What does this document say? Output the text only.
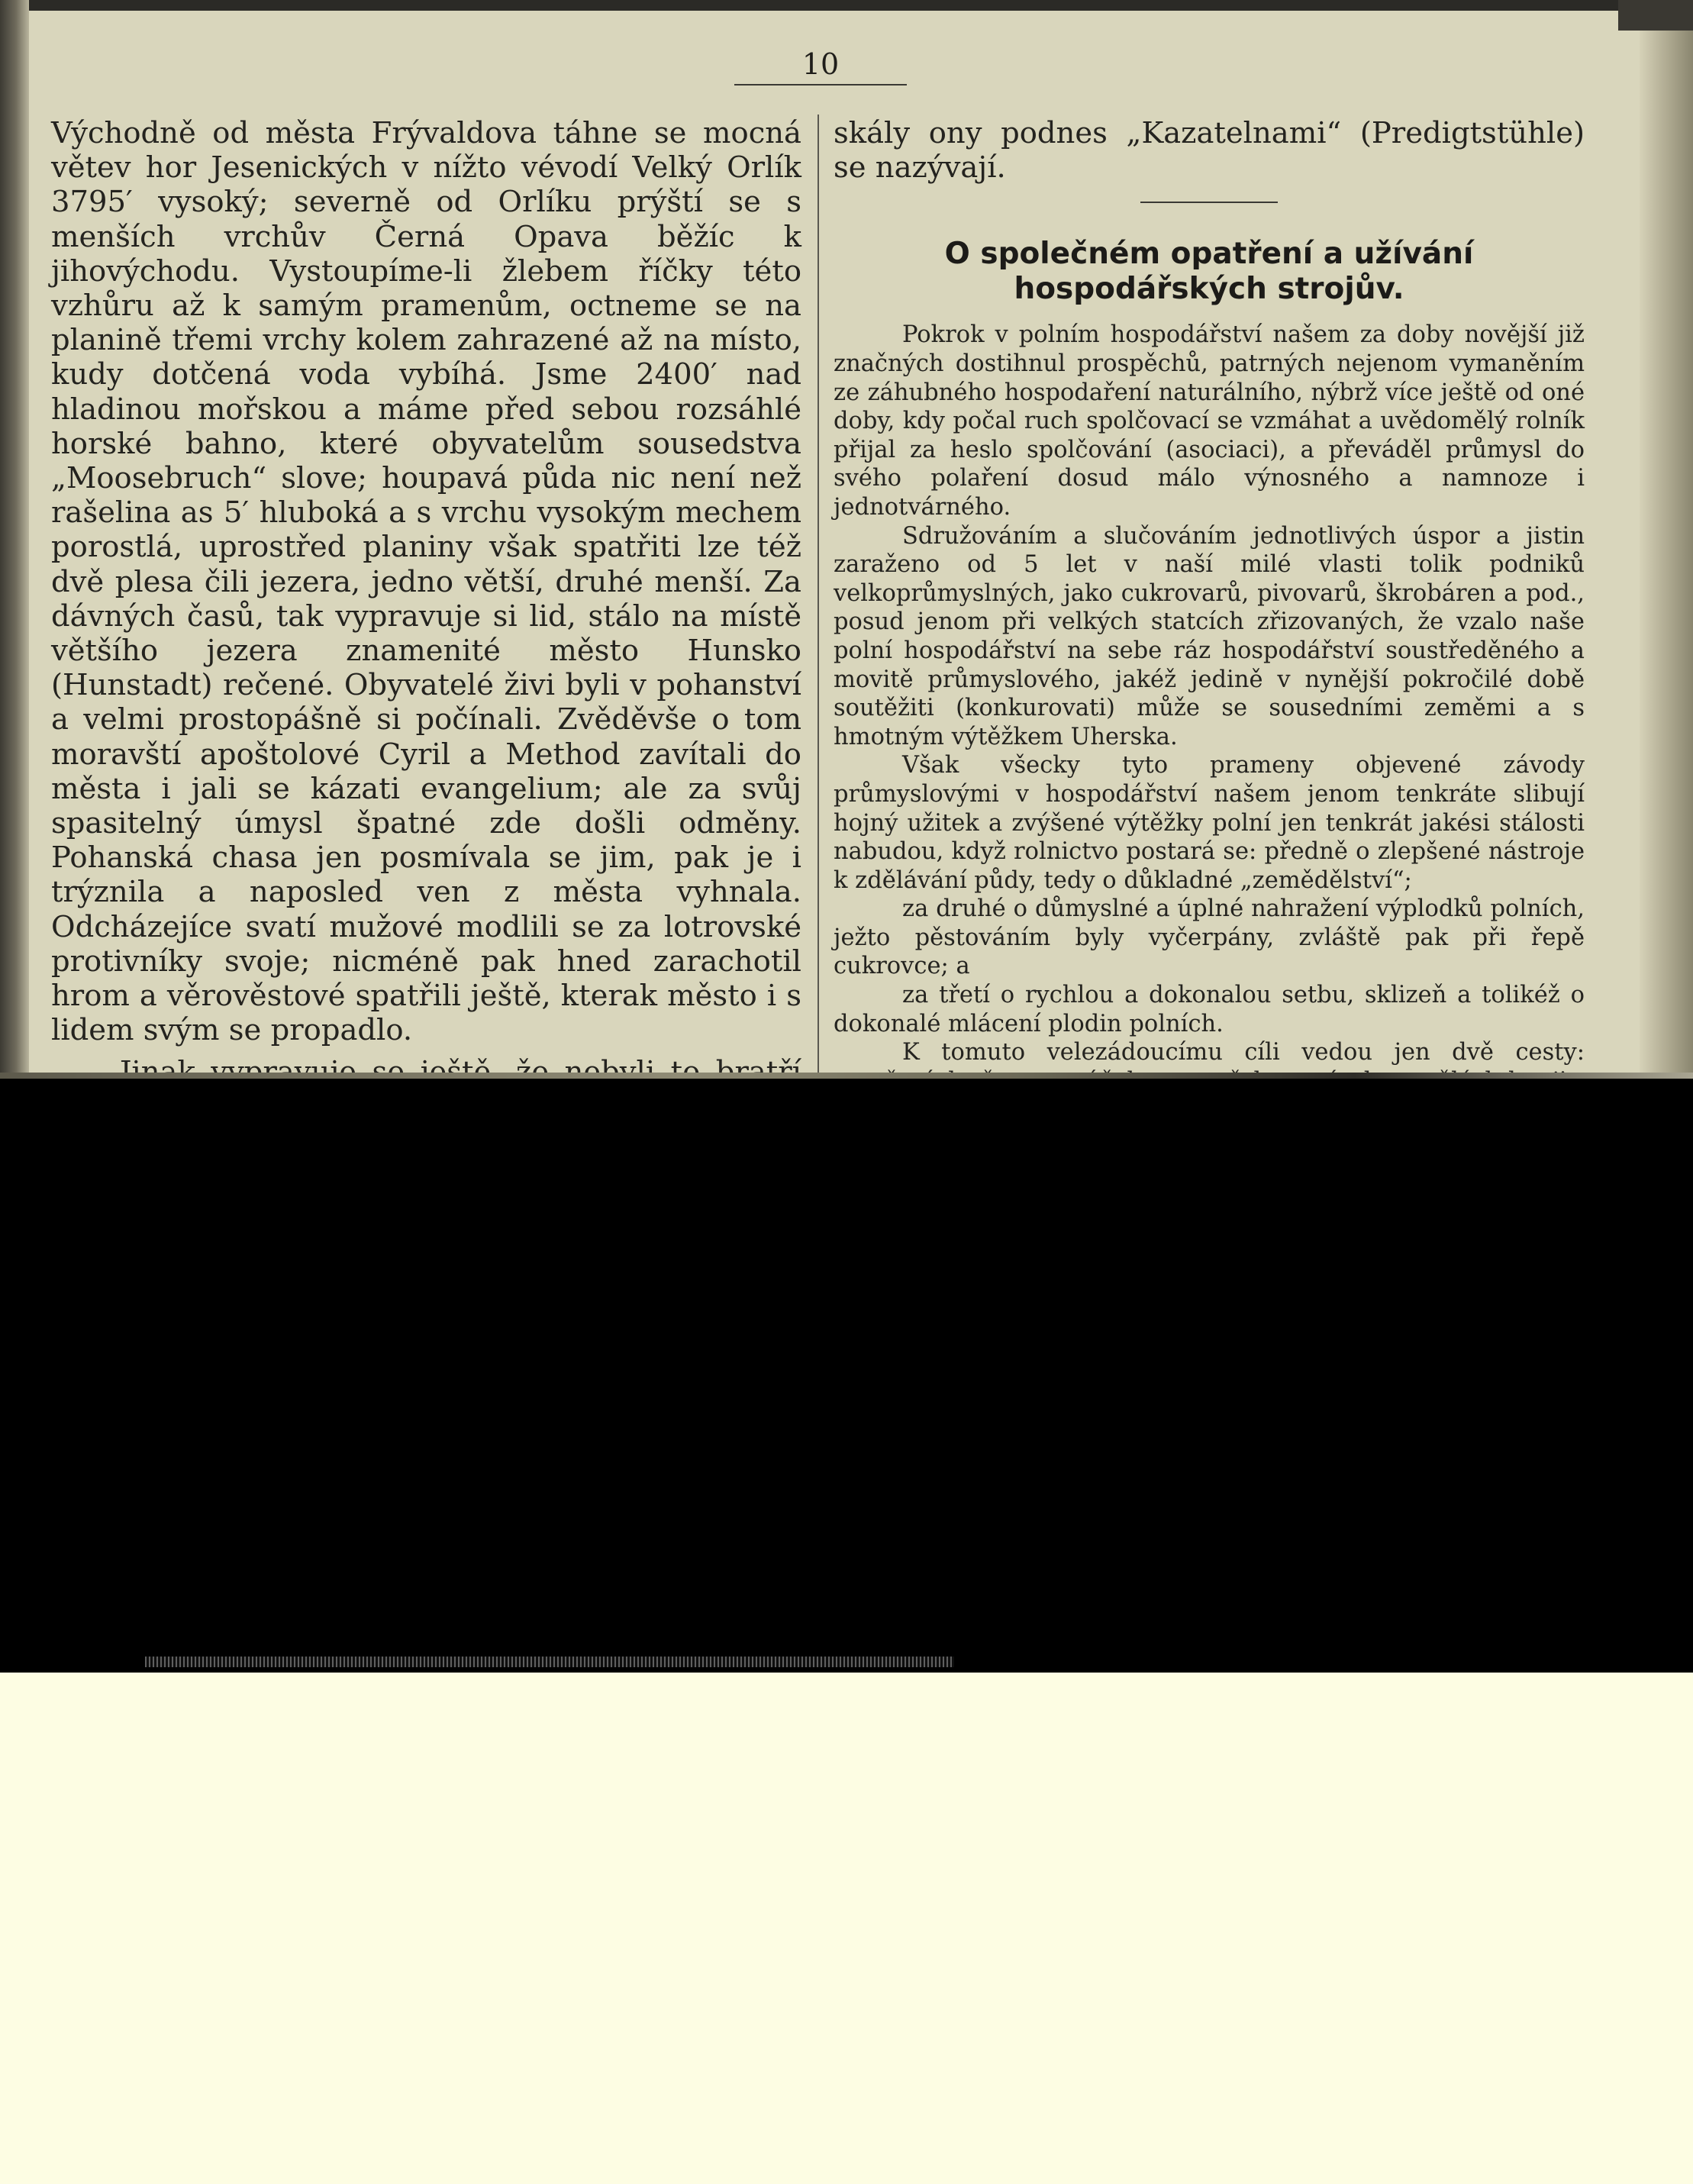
10

Východně od města Frývaldova táhne se mocná větev hor Jesenických v nížto vévodí Velký Orlík 3795′ vysoký; severně od Orlíku prýští se s menších vrchův Černá Opava běžíc k jihovýchodu. Vystoupíme-li žlebem říčky této vzhůru až k samým pramenům, octneme se na planině třemi vrchy kolem zahrazené až na místo, kudy dotčená voda vybíhá. Jsme 2400′ nad hladinou mořskou a máme před sebou rozsáhlé horské bahno, které obyvatelům sousedstva „Moosebruch“ slove; houpavá půda nic není než rašelina as 5′ hluboká a s vrchu vysokým mechem porostlá, uprostřed planiny však spatřiti lze též dvě plesa čili jezera, jedno větší, druhé menší. Za dávných časů, tak vypravuje si lid, stálo na místě většího jezera znamenité město Hunsko (Hunstadt) rečené. Obyvatelé živi byli v pohanství a velmi prostopášně si počínali. Zvěděvše o tom moravští apoštolové Cyril a Method zavítali do města i jali se kázati evangelium; ale za svůj spasitelný úmysl špatné zde došli odměny. Pohanská chasa jen posmívala se jim, pak je i trýznila a naposled ven z města vyhnala. Odcházejíce svatí mužové modlili se za lotrovské protivníky svoje; nicméně pak hned zarachotil hrom a věrověstové spatřili ještě, kterak město i s lidem svým se propadlo.

skály ony podnes „Kazatelnami“ (Predigtstühle) se nazývají.

O společném opatření a užívání hospodářských strojův.

Pokrok v polním hospodářství našem za doby novější již značných dostihnul prospěchů, patrných nejenom vymaněním ze záhubného hospodaření naturálního, nýbrž více ještě od oné doby, kdy počal ruch spolčovací se vzmáhat a uvědomělý rolník přijal za heslo spolčování (asociaci), a převáděl průmysl do svého polaření dosud málo výnosného a namnoze i jednotvárného.

Sdružováním a slučováním jednotlivých úspor a jistin zaraženo od 5 let v naší milé vlasti tolik podniků velkoprůmyslných, jako cukrovarů, pivovarů, škrobáren a pod., posud jenom při velkých statcích zřizovaných, že vzalo naše polní hospodářství na sebe ráz hospodářství soustředěného a movitě průmyslového, jakéž jedině v nynější pokročilé době soutěžiti (konkurovati) může se sousedními zeměmi a s hmotným výtěžkem Uherska.

Však všecky tyto prameny objevené závody průmyslovými v hospodářství našem jenom tenkráte slibují hojný užitek a zvýšené výtěžky polní jen tenkrát jakési stálosti nabudou, když rolnictvo postará se: předně o zlepšené nástroje k zdělávání půdy, tedy o důkladné „zemědělství“;

za druhé o důmyslné a úplné nahražení výplodků polních, ježto pěstováním byly vyčerpány, zvláště pak při řepě cukrovce; a

za třetí o rychlou a dokonalou setbu, sklizeň a tolikéž o dokonalé mlácení plodin polních.

K tomuto velezádoucímu cíli vedou jen dvě cesty:
